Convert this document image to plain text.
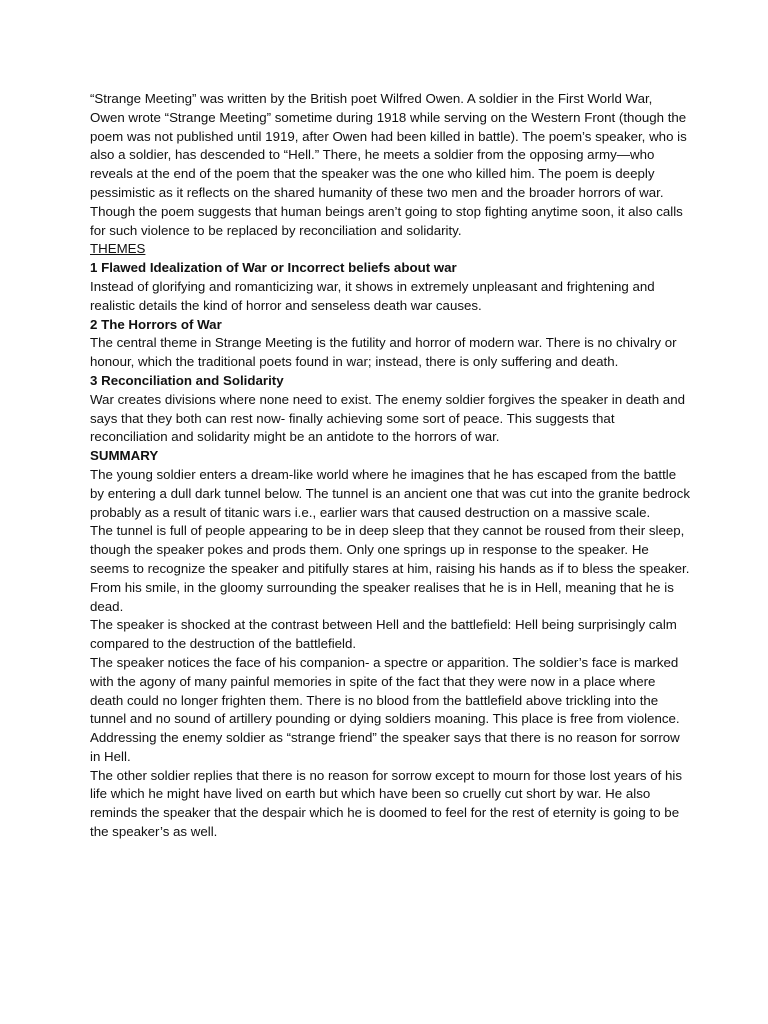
“Strange Meeting” was written by the British poet Wilfred Owen. A soldier in the First World War, Owen wrote “Strange Meeting” sometime during 1918 while serving on the Western Front (though the poem was not published until 1919, after Owen had been killed in battle). The poem’s speaker, who is also a soldier, has descended to “Hell.” There, he meets a soldier from the opposing army—who reveals at the end of the poem that the speaker was the one who killed him. The poem is deeply pessimistic as it reflects on the shared humanity of these two men and the broader horrors of war. Though the poem suggests that human beings aren’t going to stop fighting anytime soon, it also calls for such violence to be replaced by reconciliation and solidarity.

THEMES

1 Flawed Idealization of War or Incorrect beliefs about war

Instead of glorifying and romanticizing war, it shows in extremely unpleasant and frightening and realistic details the kind of horror and senseless death war causes.

2 The Horrors of War

The central theme in Strange Meeting is the futility and horror of modern war. There is no chivalry or honour, which the traditional poets found in war; instead, there is only suffering and death.

3 Reconciliation and Solidarity

War creates divisions where none need to exist. The enemy soldier forgives the speaker in death and says that they both can rest now- finally achieving some sort of peace. This suggests that reconciliation and solidarity might be an antidote to the horrors of war.

SUMMARY

The young soldier enters a dream-like world where he imagines that he has escaped from the battle by entering a dull dark tunnel below. The tunnel is an ancient one that was cut into the granite bedrock probably as a result of titanic wars i.e., earlier wars that caused destruction on a massive scale.

The tunnel is full of people appearing to be in deep sleep that they cannot be roused from their sleep, though the speaker pokes and prods them. Only one springs up in response to the speaker. He seems to recognize the speaker and pitifully stares at him, raising his hands as if to bless the speaker. From his smile, in the gloomy surrounding the speaker realises that he is in Hell, meaning that he is dead.

The speaker is shocked at the contrast between Hell and the battlefield: Hell being surprisingly calm compared to the destruction of the battlefield.

The speaker notices the face of his companion- a spectre or apparition. The soldier’s face is marked with the agony of many painful memories in spite of the fact that they were now in a place where death could no longer frighten them. There is no blood from the battlefield above trickling into the tunnel and no sound of artillery pounding or dying soldiers moaning. This place is free from violence.

Addressing the enemy soldier as “strange friend” the speaker says that there is no reason for sorrow in Hell.

The other soldier replies that there is no reason for sorrow except to mourn for those lost years of his life which he might have lived on earth but which have been so cruelly cut short by war. He also reminds the speaker that the despair which he is doomed to feel for the rest of eternity is going to be the speaker’s as well.
